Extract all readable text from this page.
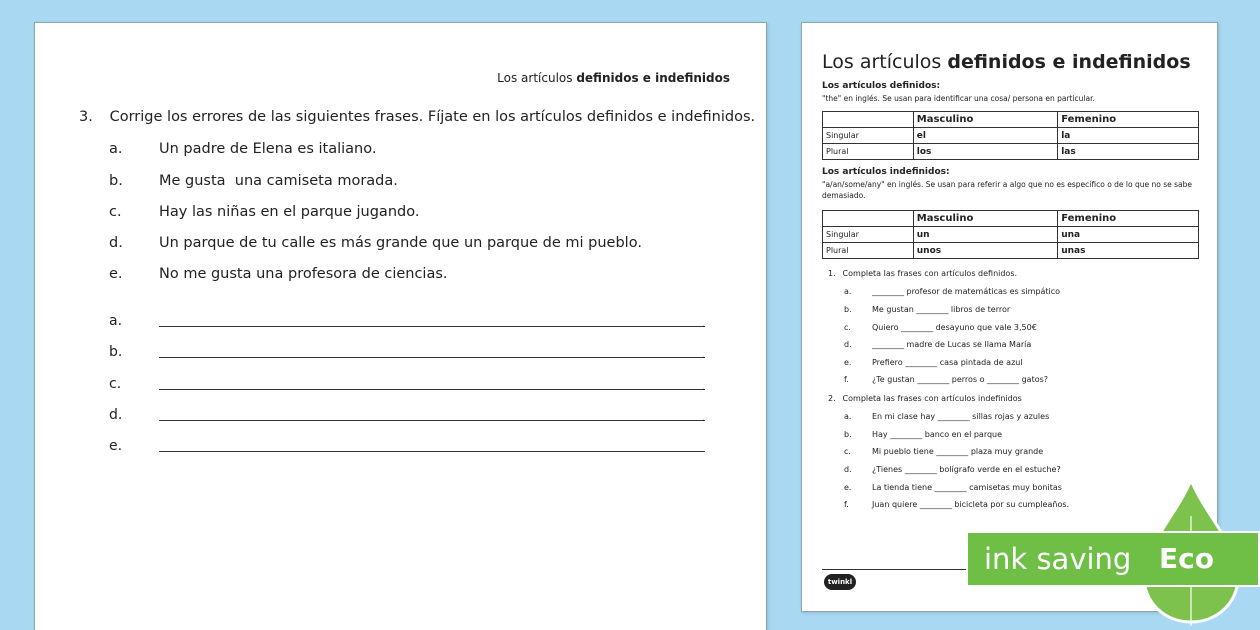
Los artículos definidos e indefinidos
3. Corrige los errores de las siguientes frases. Fíjate en los artículos definidos e indefinidos.
a.	Un padre de Elena es italiano.
b. Me gusta  una camiseta morada.
c.	Hay las niñas en el parque jugando.
d. Un parque de tu calle es más grande que un parque de mi pueblo.
e.	No me gusta una profesora de ciencias.
a.	.
b.	.
c.	.
d.	.
e.
Los artículos definidos e indefinidos
Los artículos definidos:
"the" en inglés. Se usan para identificar una cosa/ persona en particular.
	Masculino	Femenino
Singular	el	la
Plural	los	las
Los artículos indefinidos:
"a/an/some/any" en inglés. Se usan para referir a algo que no es específico o de lo que no se sabe demasiado.
	Masculino	Femenino
Singular	un	una
Plural	unos	unas
1. Completa las frases con artículos definidos.
a.	________ profesor de matemáticas es simpático
b.	Me gustan ________ libros de terror
c.	Quiero ________ desayuno que vale 3,50€
d.	________ madre de Lucas se llama María
e.	Prefiero ________ casa pintada de azul
f.	¿Te gustan ________ perros o ________ gatos?
2. Completa las frases con artículos indefinidos
a.	En mi clase hay ________ sillas rojas y azules
b.	Hay ________ banco en el parque
c.	Mi pueblo tiene ________ plaza muy grande
d.	¿Tienes ________ bolígrafo verde en el estuche?
e.	La tienda tiene ________ camisetas muy bonitas
f.	Juan quiere ________ bicicleta por su cumpleaños.
twinkl
ink saving Eco
